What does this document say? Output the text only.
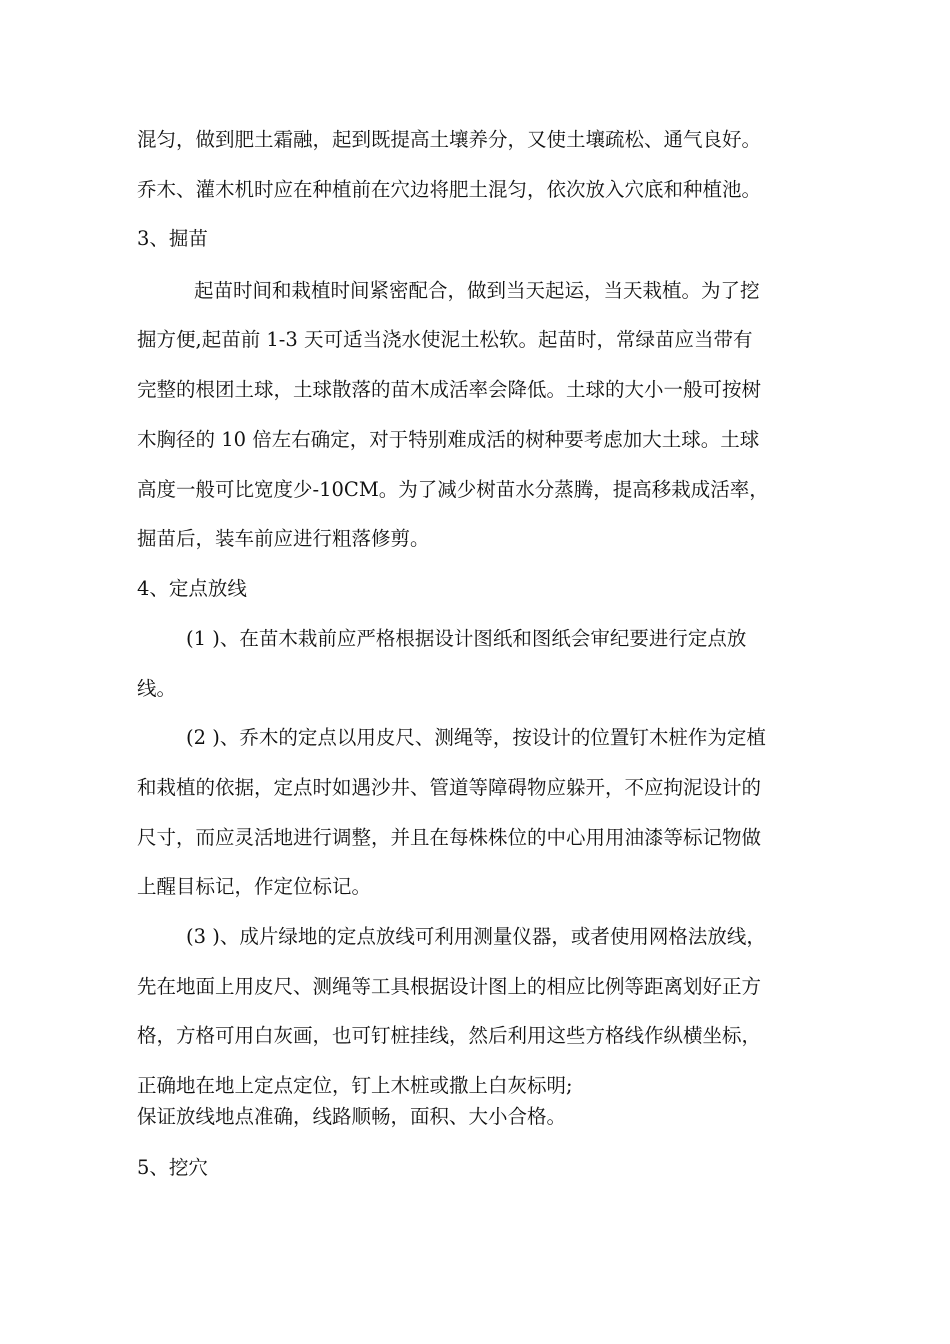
混匀，做到肥土霜融，起到既提高土壤养分，又使土壤疏松、通气良好。
乔木、灌木机时应在种植前在穴边将肥土混匀，依次放入穴底和种植池。
3、掘苗
起苗时间和栽植时间紧密配合，做到当天起运，当天栽植。为了挖
掘方便,起苗前 1-3 天可适当浇水使泥土松软。起苗时，常绿苗应当带有
完整的根团土球，土球散落的苗木成活率会降低。土球的大小一般可按树
木胸径的 10 倍左右确定，对于特别难成活的树种要考虑加大土球。土球
高度一般可比宽度少-10CM。为了减少树苗水分蒸腾，提高移栽成活率，
掘苗后，装车前应进行粗落修剪。
4、定点放线
(1 )、在苗木栽前应严格根据设计图纸和图纸会审纪要进行定点放
线。
(2 )、乔木的定点以用皮尺、测绳等，按设计的位置钉木桩作为定植
和栽植的依据，定点时如遇沙井、管道等障碍物应躲开，不应拘泥设计的
尺寸，而应灵活地进行调整，并且在每株株位的中心用用油漆等标记物做
上醒目标记，作定位标记。
(3 )、成片绿地的定点放线可利用测量仪器，或者使用网格法放线，
先在地面上用皮尺、测绳等工具根据设计图上的相应比例等距离划好正方
格，方格可用白灰画，也可钉桩挂线，然后利用这些方格线作纵横坐标，
正确地在地上定点定位，钉上木桩或撒上白灰标明;
保证放线地点准确，线路顺畅，面积、大小合格。
5、挖穴
